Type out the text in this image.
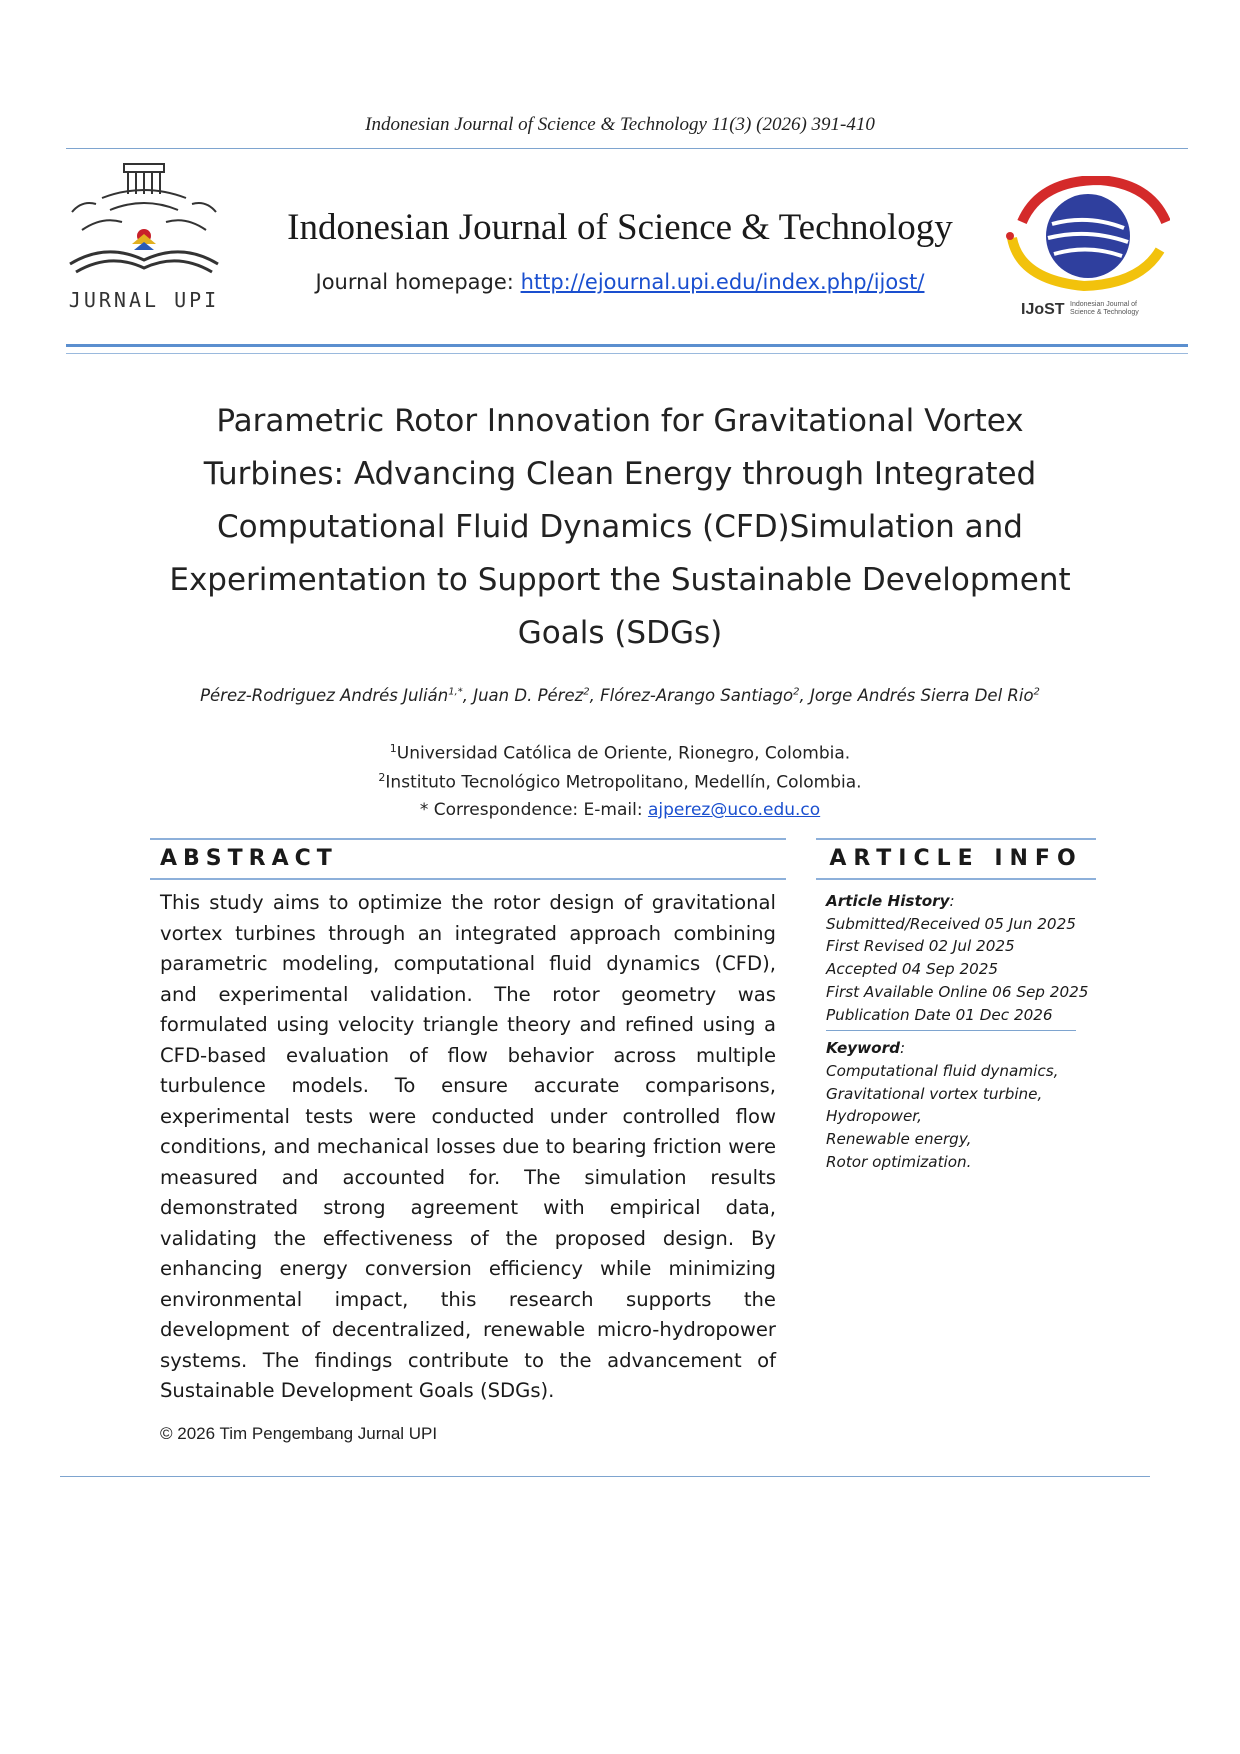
Indonesian Journal of Science & Technology 11(3) (2026) 391-410
JURNAL UPI
Indonesian Journal of Science & Technology
Journal homepage: http://ejournal.upi.edu/index.php/ijost/
IJoST Indonesian Journal of Science & Technology
Parametric Rotor Innovation for Gravitational Vortex
Turbines: Advancing Clean Energy through Integrated
Computational Fluid Dynamics (CFD)Simulation and
Experimentation to Support the Sustainable Development
Goals (SDGs)
Pérez-Rodriguez Andrés Julián$^{1,*}$, Juan D. Pérez$^2$, Flórez-Arango Santiago$^2$, Jorge Andrés Sierra Del Rio$^2$
$^1$Universidad Católica de Oriente, Rionegro, Colombia.
$^2$Instituto Tecnológico Metropolitano, Medellín, Colombia.
* Correspondence: E-mail: ajperez@uco.edu.co
ABSTRACT
This study aims to optimize the rotor design of gravitational vortex turbines through an integrated approach combining parametric modeling, computational fluid dynamics (CFD), and experimental validation. The rotor geometry was formulated using velocity triangle theory and refined using a CFD-based evaluation of flow behavior across multiple turbulence models. To ensure accurate comparisons, experimental tests were conducted under controlled flow conditions, and mechanical losses due to bearing friction were measured and accounted for. The simulation results demonstrated strong agreement with empirical data, validating the effectiveness of the proposed design. By enhancing energy conversion efficiency while minimizing environmental impact, this research supports the development of decentralized, renewable micro-hydropower systems. The findings contribute to the advancement of Sustainable Development Goals (SDGs).
© 2026 Tim Pengembang Jurnal UPI
ARTICLE INFO
Article History:
Submitted/Received 05 Jun 2025
First Revised 02 Jul 2025
Accepted 04 Sep 2025
First Available Online 06 Sep 2025
Publication Date 01 Dec 2026
Keyword:
Computational fluid dynamics,
Gravitational vortex turbine,
Hydropower,
Renewable energy,
Rotor optimization.
